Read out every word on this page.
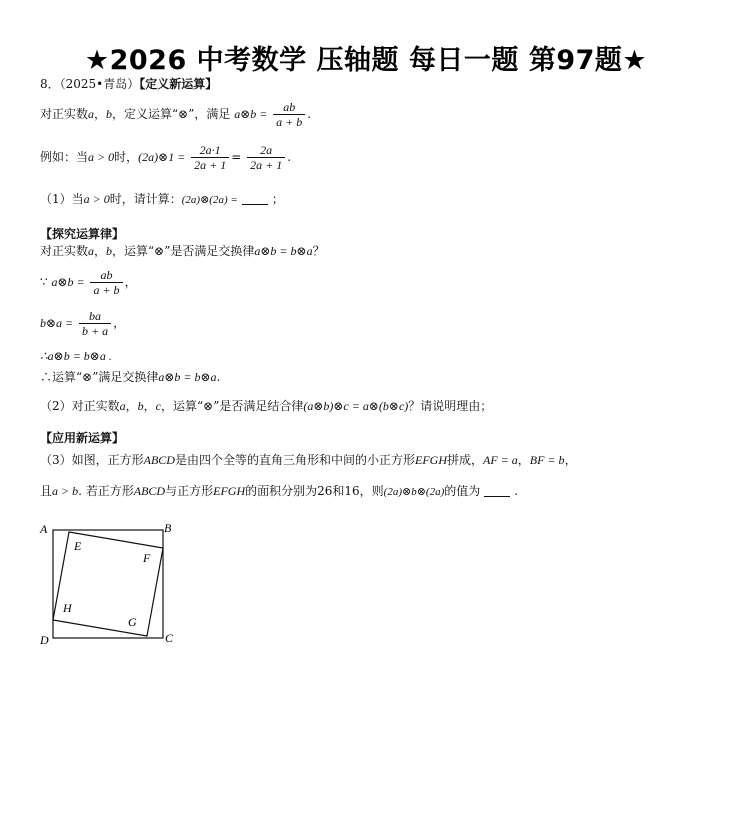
★2026 中考数学 压轴题 每日一题 第97题★
8．（2025•青岛）【定义新运算】
对正实数a，b，定义运算“⊗”，满足 a⊗b = $\frac{ab}{a + b}$ .
例如：当a > 0时，(2a)⊗1 = $\frac{2a\cdot 1}{2a + 1} = \frac{2a}{2a + 1}$ .
（1）当a > 0时，请计算：(2a)⊗(2a) =	；
【探究运算律】
对正实数a，b，运算“⊗”是否满足交换律a⊗b = b⊗a？
∵ a⊗b = $\frac{ab}{a + b}$ ，
b⊗a = $\frac{ba}{b + a}$ ，
∴a⊗b = b⊗a .
∴运算“⊗”满足交换律a⊗b = b⊗a.
（2）对正实数a，b，c，运算“⊗”是否满足结合律(a⊗b)⊗c = a⊗(b⊗c)？请说明理由；
【应用新运算】
（3）如图，正方形ABCD是由四个全等的直角三角形和中间的小正方形EFGH拼成，AF = a，BF = b，
且a > b. 若正方形ABCD与正方形EFGH的面积分别为26和16，则(2a)⊗b⊗(2a)的值为	.
A	B
C
D
E
F
G
H
